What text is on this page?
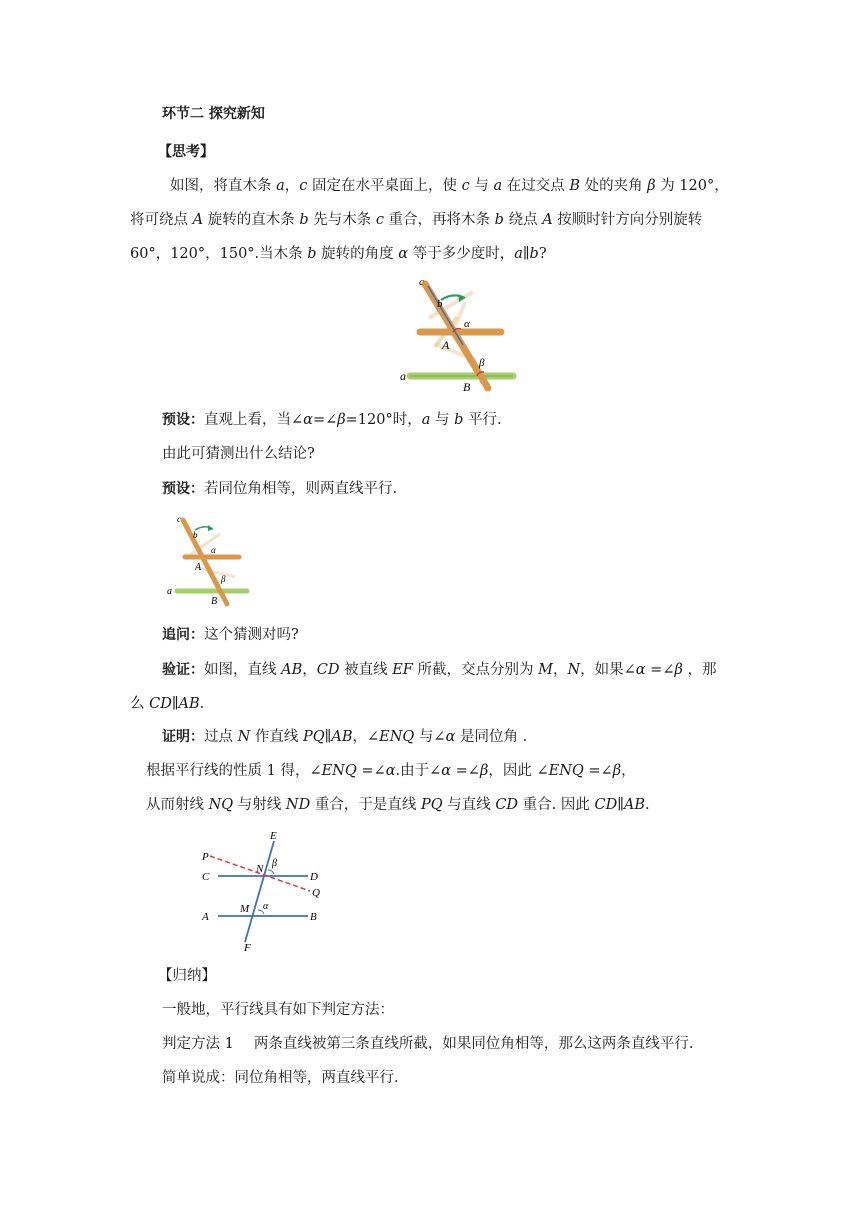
环节二 探究新知
【思考】
如图，将直木条 a，c 固定在水平桌面上，使 c 与 a 在过交点 B 处的夹角 β 为 120°，
将可绕点 A 旋转的直木条 b 先与木条 c 重合，再将木条 b 绕点 A 按顺时针方向分别旋转
60°，120°，150°.当木条 b 旋转的角度 α 等于多少度时，a∥b?
c
b
α
A
β
a
B
预设：直观上看，当∠α=∠β=120°时，a 与 b 平行.
由此可猜测出什么结论?
预设：若同位角相等，则两直线平行.
c
b
α
A
β
a
B
追问：这个猜测对吗?
验证：如图，直线 AB，CD 被直线 EF 所截，交点分别为 M，N，如果∠α =∠β ，那
么 CD∥AB.
证明：过点 N 作直线 PQ∥AB，∠ENQ 与∠α 是同位角 .
根据平行线的性质 1 得，∠ENQ =∠α.由于∠α =∠β，因此 ∠ENQ =∠β，
从而射线 NQ 与射线 ND 重合，于是直线 PQ 与直线 CD 重合. 因此 CD∥AB.
E
P
N β
D
C
Q
M α
A	B
F
【归纳】
一般地，平行线具有如下判定方法：
判定方法 1 两条直线被第三条直线所截，如果同位角相等，那么这两条直线平行.
简单说成：同位角相等，两直线平行.
